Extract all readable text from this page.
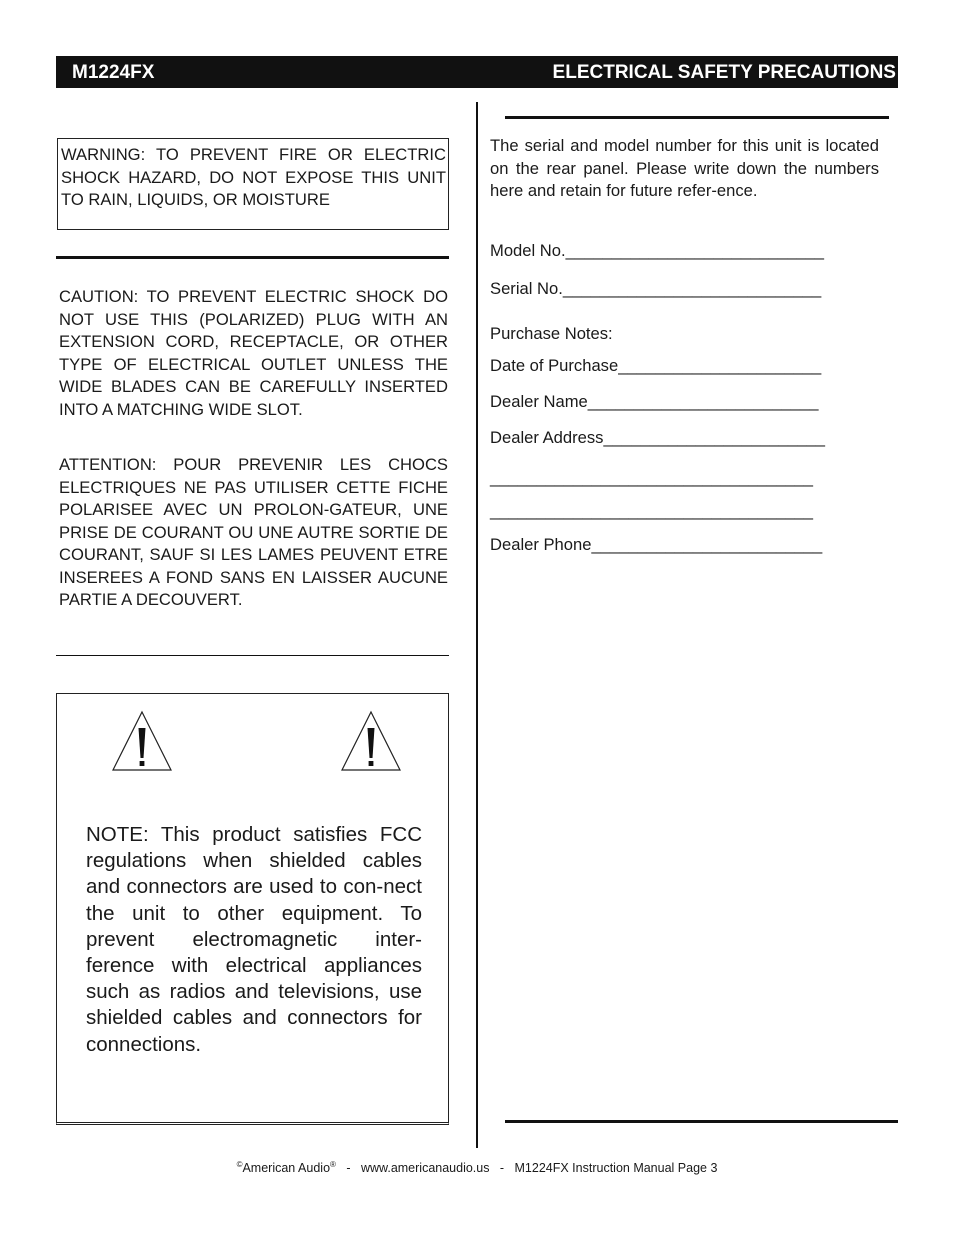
M1224FX	ELECTRICAL SAFETY PRECAUTIONS
WARNING: TO PREVENT FIRE OR ELECTRIC SHOCK HAZARD, DO NOT EXPOSE THIS UNIT TO RAIN, LIQUIDS, OR MOISTURE

CAUTION: TO PREVENT ELECTRIC SHOCK DO NOT USE THIS (POLARIZED) PLUG WITH AN EXTENSION CORD, RECEPTACLE, OR OTHER TYPE OF ELECTRICAL OUTLET UNLESS THE WIDE BLADES CAN BE CAREFULLY INSERTED INTO A MATCHING WIDE SLOT.

ATTENTION: POUR PREVENIR LES CHOCS ELECTRIQUES NE PAS UTILISER CETTE FICHE POLARISEE AVEC UN PROLON-GATEUR, UNE PRISE DE COURANT OU UNE AUTRE SORTIE DE COURANT, SAUF SI LES LAMES PEUVENT ETRE INSEREES A FOND SANS EN LAISSER AUCUNE PARTIE A DECOUVERT.

NOTE: This product satisfies FCC regulations when shielded cables and connectors are used to con-nect the unit to other equipment. To prevent electromagnetic inter-ference with electrical appliances such as radios and televisions, use shielded cables and connectors for connections.

The serial and model number for this unit is located on the rear panel. Please write down the numbers here and retain for future refer-ence.

Model No.____________________________
Serial No.____________________________
Purchase Notes:
Date of Purchase______________________
Dealer Name_________________________
Dealer Address________________________
___________________________________
___________________________________
Dealer Phone_________________________
©American Audio® - www.americanaudio.us - M1224FX Instruction Manual Page 3
